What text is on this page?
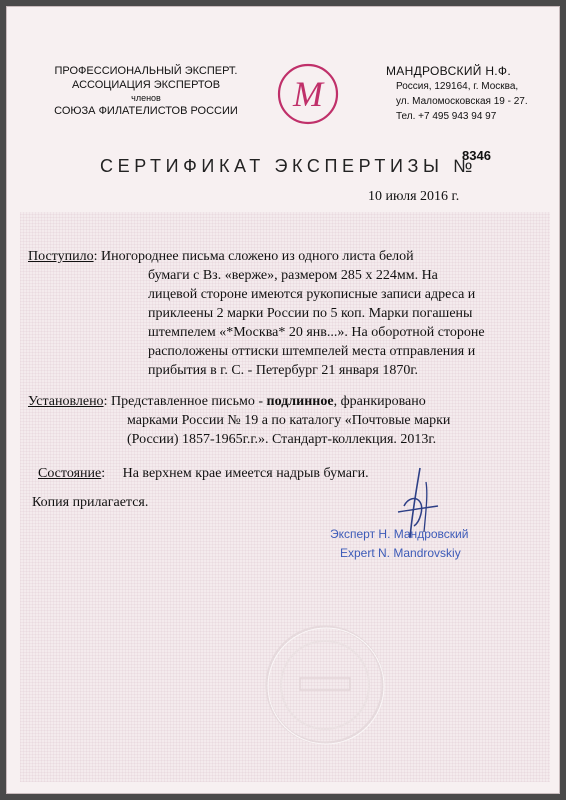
ПРОФЕССИОНАЛЬНЫЙ ЭКСПЕРТ.
АССОЦИАЦИЯ ЭКСПЕРТОВ
членов
СОЮЗА ФИЛАТЕЛИСТОВ РОССИИ	M
МАНДРОВСКИЙ Н.Ф.
Россия, 129164, г. Москва,
ул. Маломосковская 19 - 27.
Тел. +7 495 943 94 97
СЕРТИФИКАТ ЭКСПЕРТИЗЫ №
8346
10 июля 2016 г.
Поступило: Иногороднее письма сложено из одного листа белой
бумаги с Вз. «верже», размером 285 х 224мм. На
лицевой стороне имеются рукописные записи адреса и
приклеены 2 марки России по 5 коп. Марки погашены
штемпелем «*Москва* 20 янв...». На оборотной стороне
расположены оттиски штемпелей места отправления и
прибытия в г. С. - Петербург 21 января 1870г.
Установлено: Представленное письмо - подлинное, франкировано
марками России № 19 а по каталогу «Почтовые марки
(России) 1857-1965г.г.». Стандарт-коллекция. 2013г.
Состояние:     На верхнем крае имеется надрыв бумаги.
Копия прилагается.
Эксперт Н. Мандровский
Expert N. Mandrovskiy
